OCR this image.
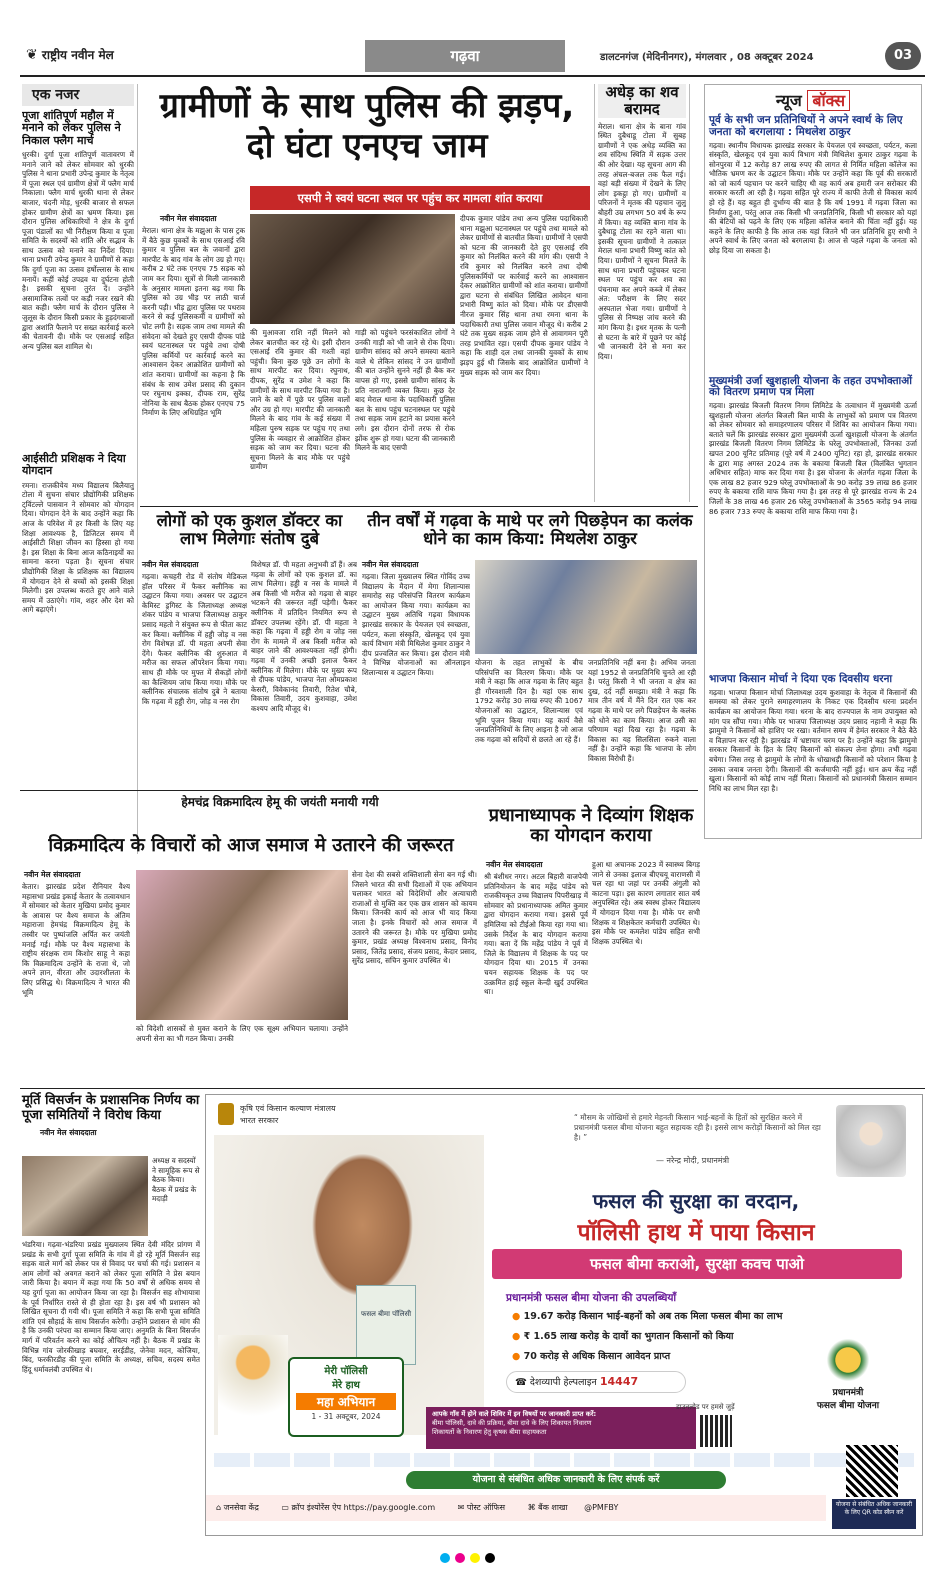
❦ राष्ट्रीय नवीन मेल	गढ़वा	डालटनगंज (मेदिनीनगर), मंगलवार , 08 अक्टूबर 2024	03
एक नजर
पूजा शांतिपूर्ण महौल में मनाने को लेकर पुलिस ने निकाल फ्लैग मार्च
धुरकी। दुर्गा पूजा शांतिपूर्ण वातावरण में मनाने जाने को लेकर सोमवार को धुरकी पुलिस ने थाना प्रभारी उपेन्द्र कुमार के नेतृत्व में पूजा स्थल एवं ग्रामीण क्षेत्रों में फ्लैग मार्च निकाला। फ्लैग मार्च धुरकी थाना से लेकर बाजार, चंदनी मोड़, धुरकी बाजार से सफल होकर ग्रामीण क्षेत्रों का भ्रमण किया। इस दौरान पुलिस अधिकारियों ने क्षेत्र के दुर्गा पूजा पंडालों का भी निरीक्षण किया व पूजा समिति के सदस्यों को शांति और सद्भाव के साथ उत्सव को मनाने का निर्देश दिया। थाना प्रभारी उपेन्द्र कुमार ने ग्रामीणों से कहा कि दुर्गा पूजा का उत्सव हर्षोल्लास के साथ मनायें। कहीं कोई उपद्रव या दुर्घटना होती है। इसकी सूचना तुरंत दें। उन्होंने असामाजिक तत्वों पर कड़ी नजर रखने की बात कही। फ्लैग मार्च के दौरान पुलिस ने जुलूस के दौरान किसी प्रकार के हुड़दंगबाजों द्वारा अशांति फैलाने पर सख्त कार्रवाई करने की चेतावनी दी। मौके पर एसआई सहित अन्य पुलिस बल शामिल थे।
आईसीटी प्रशिक्षक ने दिया योगदान
रमना। राजकीयेय मध्य विद्यालय बिलैयातु टोला में सुचना संचार प्रौद्योगिकी प्रशिक्षक ट्विंटल्ले पासवान ने सोमवार को योगदान दिया। योगदान देने के बाद उन्होंने कहा कि आज के परिवेश में हर किसी के लिए यह शिक्षा आवश्यक है, डिजिटल समय में आईसीटी शिक्षा जीवन का हिस्सा हो गया है। इस शिक्षा के बिना आज कठिनाइयों का सामना करना पड़ता है। सूचना संचार प्रौद्योगिकी शिक्षा के प्रशिक्षक का विद्यालय में योगदान देने से बच्चों को इसकी शिक्षा मिलेगी। इस उपलब्ध कराते हुए आने वाले समय में उठाएंगे। गांव, शहर और देश को आगे बढ़ाएंगे।
ग्रामीणों के साथ पुलिस की झड़प, दो घंटा एनएच जाम
एसपी ने स्वयं घटना स्थल पर पहुंच कर मामला शांत कराया
नवीन मेल संवाददाता
मेराल। थाना क्षेत्र के मझुआ के पास ट्रक में बैठे कुछ युवकों के साथ एसआई रवि कुमार व पुलिस बल के जवानों द्वारा मारपीट के बाद गांव के लोग उग्र हो गए। करीब 2 घंटे तक एनएच 75 सड़क को जाम कर दिया। सूत्रों से मिली जानकारी के अनुसार मामला इतना बढ़ गया कि पुलिस को उग्र भीड़ पर लाठी चार्ज करनी पड़ी। भीड़ द्वारा पुलिस पर पथराव करने से कई पुलिसकर्मी व ग्रामीणों को चोट लगी है। सड़क जाम तथा मामले की संवेदना को देखते हुए एसपी दीपक पांडे स्वयं घटनास्थल पर पहुंचे तथा दोषी पुलिस कर्मियों पर कार्रवाई करने का आश्वासन देकर आक्रोशित ग्रामीणों को शांत कराया। ग्रामीणों का कहना है कि संबंध के साथ उमेश प्रसाद की दुकान पर रघुनाथ इक्का, दीपक राम, सुरेंद्र नोनिया के साथ बैठक होकर एनएच 75 निर्माण के लिए अधिग्रहित भूमि
की मुआवजा राशि नहीं मिलने को लेकर बातचीत कर रहे थे। इसी दौरान एसआई रवि कुमार की गश्ती वहां पहुंची। बिना कुछ पूछे उन लोगों के साथ मारपीट कर दिया। रघुनाथ, दीपक, सुरेंद्र व उमेश ने कहा कि ग्रामीणों के साथ मारपीट किया गया है। जाने के बारे में पूछे पर पुलिस वालों और उग्र हो गए। मारपीट की जानकारी मिलने के बाद गांव के कई संख्या में महिला पुरुष सड़क पर पहुंच गए तथा पुलिस के व्यवहार से आक्रोशित होकर सड़क को जाम कर दिया। घटना की सूचना मिलने के बाद मौके पर पहुंचे ग्रामीण
गाड़ी को पहुंचने फरसंकाशित लोगों ने उनकी गाड़ी को भी जाने से रोक दिया। ग्रामीण सांसद को अपने समस्या बताने वाले थे लेकिन सांसद ने उन ग्रामीणों की बात उन्होंने सुनने नहीं ही बैक कर वापस हो गए, इससे ग्रामीण सांसद के प्रति नाराजगी व्यक्त किया। कुछ देर बाद मेराल थाना के पदाधिकारी पुलिस बल के साथ पहुंच घटनास्थल पर पहुंचे तथा सड़क जाम हटाने का प्रयास करने लगे। इस दौरान दोनों तरफ से रोक झोंक शुरू हो गया। घटना की जानकारी मिलने के बाद एसपी
दीपक कुमार पांडेय तथा अन्य पुलिस पदाधिकारी थाना मझुआ घटनास्थल पर पहुंचे तथा मामले को लेकर ग्रामीणों से बातचीत किया। ग्रामीणों ने एसपी को घटना की जानकारी देते हुए एसआई रवि कुमार को निलंबित करने की मांग की। एसपी ने रवि कुमार को निलंबित करने तथा दोषी पुलिसकर्मियों पर कार्रवाई करने का आश्वासन देकर आक्रोशित ग्रामीणों को शांत कराया। ग्रामीणों द्वारा घटना से संबंधित लिखित आवेदन थाना प्रभारी विष्णु कांत को दिया। मौके पर डीएसपी नीरज कुमार सिंह थाना तथा रमना थाना के पदाधिकारी तथा पुलिस जवान मौजूद थे। करीब 2 घंटे तक मुख्य सड़क जाम होने से आवागमन पूरी तरह प्रभावित रहा। एसपी दीपक कुमार पांडेय ने कहा कि शाही दल तथा जानकी युवकों के साथ झड़प हुई थी जिसके बाद आक्रोशित ग्रामीणों ने मुख्य सड़क को जाम कर दिया।
अधेड़ का शव बरामद
मेराल। थाना क्षेत्र के बाना गांव स्थित दुबैथाडू टोला में सुबह ग्रामीणों ने एक अधेड़ व्यक्ति का शव संदिग्ध स्थिति में सड़क उत्तर की ओर देखा। यह सूचना आग की तरह अंचल-बजल तक फैल गई। वहां बड़ी संख्या में देखने के लिए लोग इकट्ठा हो गए। ग्रामीणों व परिजनों ने मृतक की पहचान जुलु बौहरी उम्र लगभग 50 वर्ष के रूप में किया। वह व्यक्ति बाना गांव के दुबैथाडू टोला का रहने वाला था। इसकी सूचना ग्रामीणों ने तत्काल मेराल थाना प्रभारी विष्णु कांत को दिया। ग्रामीणों ने सूचना मिलते के साथ थाना प्रभारी पहुंचकर घटना स्थल पर पहुंच कर शव का पंचनामा कर अपने कब्जे में लेकर अंत: परीक्षण के लिए सदर अस्पताल भेजा गया। ग्रामीणों ने पुलिस से निष्पक्ष जांच करने की मांग किया है। इधर मृतक के पत्नी से घटना के बारे में पूछने पर कोई भी जानकारी देने से मना कर दिया।
न्यूज बॉक्स
पूर्व के सभी जन प्रतिनिधियों ने अपने स्वार्थ के लिए जनता को बरगलाया : मिथलेश ठाकुर
गढ़वा। स्थानीय विधायक झारखंड सरकार के पेयजल एवं स्वच्छता, पर्यटन, कला संस्कृति, खेलकूद एवं युवा कार्य विभाग मंत्री मिथिलेश कुमार ठाकुर गढ़वा के सोनपुरवा में 12 करोड़ 87 लाख रुपए की लागत से निर्मित महिला कॉलेज का भौतिक भ्रमण कर के उद्घाटन किया। मौके पर उन्होंने कहा कि पूर्व की सरकारों को जो कार्य पहचान पर करने चाहिए थी वह कार्य अब हमारी जन सरोकार की सरकार करती आ रही है। गढ़वा सहित पूरे राज्य में काफी तेजी से विकास कार्य हो रहे हैं। यह बहुत ही दुर्भाग्य की बात है कि वर्ष 1991 में गढ़वा जिला का निर्माण हुआ, परंतु आज तक किसी भी जनप्रतिनिधि, किसी भी सरकार को यहां की बेटियों को पढ़ने के लिए एक महिला कॉलेज बनाने की चिंता नहीं हुई। यह कहने के लिए काफी है कि आज तक यहां जितने भी जन प्रतिनिधि हुए सभी ने अपने स्वार्थ के लिए जनता को बरगलाया है। आज से पहले गढ़वा के जनता को छोड़ दिया जा सकता है।
मुख्यमंत्री उर्जा खुशहाली योजना के तहत उपभोक्ताओं को वितरण प्रमाण पत्र मिला
गढ़वा। झारखंड बिजली वितरण निगम लिमिटेड के तत्वाधान में मुख्यमंत्री ऊर्जा खुशहाली योजना अंतर्गत बिजली बिल माफी के लाभुकों को प्रमाण पत्र वितरण को लेकर सोमवार को समाहरणालय परिसर में शिविर का आयोजन किया गया। बताते चलें कि झारखंड सरकार द्वारा मुख्यमंत्री ऊर्जा खुशहाली योजना के अंतर्गत झारखंड बिजली वितरण निगम लिमिटेड के घरेलू उपभोक्ताओं, जिनका उर्जा खपत 200 यूनिट प्रतिमाह (पूरे वर्ष में 2400 यूनिट) रहा हो, झारखंड सरकार के द्वारा माह अगस्त 2024 तक के बकाया बिजली बिल (विलंबित भुगतान अधिभार सहित) माफ कर दिया गया है। इस योजना के अंतर्गत गढ़वा जिला के एक लाख 82 हजार 929 घरेलू उपभोक्ताओं के 90 करोड़ 39 लाख 86 हजार रुपए के बकाया राशि माफ किया गया है। इस तरह से पूरे झारखंड राज्य के 24 जिलों के 38 लाख 46 हजार 26 घरेलू उपभोक्ताओं के 3565 करोड़ 94 लाख 86 हजार 733 रुपए के बकाया राशि माफ किया गया है।
भाजपा किसान मोर्चा ने दिया एक दिवसीय धरना
गढ़वा। भाजपा किसान मोर्चा जिलाध्यक्ष उदय कुशवाहा के नेतृत्व में किसानों की समस्या को लेकर पुराने समाहरणालय के निकट एक दिवसीय धरना प्रदर्शन कार्यक्रम का आयोजन किया गया। धरना के बाद राज्यपाल के नाम उपायुक्त को मांग पत्र सौंपा गया। मौके पर भाजपा जिलाध्यक्ष उदय प्रसाद नहानी ने कहा कि झामुमो ने किसानों को हाशिए पर रखा। वर्तमान समय में हेमंत सरकार ने बैठे बैठे व विज्ञापन कर रही है। झारखंड में भ्रष्टाचार चरम पर है। उन्होंने कहा कि झामुमो सरकार किसानों के हित के लिए किसानों को संकल्प लेना होगा। तभी गढ़वा बचेगा। जिस तरह से झामुमो के लोगों के धोखाधड़ी किसानों को परेशान किया है उसका जवाब जनता देगी। किसानों की कर्जमाफी नहीं हुई। धान क्रय केंद्र नहीं खुला। किसानों को कोई लाभ नहीं मिला। किसानों को प्रधानमंत्री किसान सम्मान निधि का लाभ मिल रहा है।
लोगों को एक कुशल डॉक्टर का लाभ मिलेगाः संतोष दुबे
नवीन मेल संवाददाता
गढ़वा। कचहरी रोड में संतोष मेडिकल हॉल परिसर में फैकर क्लीनिक का उद्घाटन किया गया। अवसर पर उद्घाटन केमिस्ट ड्रगिस्ट के जिलाध्यक्ष अध्यक्ष शंकर पांडेय व भाजपा जिलाध्यक्ष ठाकुर प्रसाद महतो ने संयुक्त रूप से फीता काट कर किया। क्लीनिक में हड्डी जोड़ व नस रोग विशेषज्ञ डॉ. पी महता अपनी सेवा देंगे। फैकर क्लीनिक की शुरुआत में मरीज का सफल ऑपरेशन किया गया। साथ ही मौके पर मुफ्त में सैकड़ों लोगों का कैल्शियम जांच किया गया। मौके पर क्लीनिक संचालक संतोष दुबे ने बताया कि गढ़वा में हड्डी रोग, जोड़ व नस रोग
विशेषज्ञ डॉ. पी महता अनुभवी डॉ हैं। अब गढ़वा के लोगों को एक कुशल डॉ. का लाभ मिलेगा। हड्डी व नस के मामले में अब किसी भी मरीज को गढ़वा से बाहर भटकने की जरूरत नहीं पड़ेगी। फैकर क्लीनिक में प्रतिदिन नियमित रूप से डॉक्टर उपलब्ध रहेंगे। डॉ. पी महता ने कहा कि गढ़वा में हड्डी रोग व जोड़ नस रोग के मामले में अब किसी मरीज को बाहर जाने की आवश्यकता नहीं होगी। गढ़वा में उनकी अच्छी इलाज फैकर क्लीनिक में मिलेगा। मौके पर मुख्य रूप से दीपक पांडेय, भाजपा नेता ओमप्रकाश केसरी, विवेकानंद तिवारी, रितेश चौबे, विकास तिवारी, उदय कुशवाहा, उमेश कश्यप आदि मौजूद थे।
तीन वर्षों में गढ़वा के माथे पर लगे पिछड़ेपन का कलंक धोने का काम किया: मिथलेश ठाकुर
नवीन मेल संवाददाता
गढ़वा। जिला मुख्यालय स्थित गोविंद उच्च विद्यालय के मैदान में मेगा शिलान्यास समारोह सह परिसंपत्ति वितरण कार्यक्रम का आयोजन किया गया। कार्यक्रम का उद्घाटन मुख्य अतिथि गढ़वा विधायक झारखंड सरकार के पेयजल एवं स्वच्छता, पर्यटन, कला संस्कृति, खेलकूद एवं युवा कार्य विभाग मंत्री मिथिलेश कुमार ठाकुर ने दीप प्रज्वलित कर किया। इस दौरान मंत्री ने विभिन्न योजनाओं का ऑनलाइन शिलान्यास व उद्घाटन किया।
योजना के तहत लाभुकों के बीच परिसंपत्ति का वितरण किया। मौके पर मंत्री ने कहा कि आज गढ़वा के लिए बहुत ही गौरवशाली दिन है। यहां एक साथ 1792 करोड़ 30 लाख रुपए की 1067 योजनाओं का उद्घाटन, शिलान्यास एवं भूमि पूजन किया गया। यह कार्य वैसे जनप्रतिनिधियों के लिए आइना है जो आज तक गढ़वा को सदियों से छलते आ रहे हैं।
जनप्रतिनिधि नहीं बना है। अभिव जनता यहां 1952 से जनप्रतिनिधि चुनते आ रही है। परंतु किसी ने भी जनता व क्षेत्र का दुख, दर्द नहीं समझा। मंत्री ने कहा कि मात्र तीन वर्ष में मैंने दिन रात एक कर गढ़वा के माथे पर लगे पिछड़ेपन के कलंक को धोने का काम किया। आज उसी का परिणाम यहां दिख रहा है। गढ़वा के विकास का यह सिलसिला रुकने वाला नहीं है। उन्होंने कहा कि भाजपा के लोग विकास विरोधी हैं।
हेमचंद्र विक्रमादित्य हेमू की जयंती मनायी गयी
विक्रमादित्य के विचारों को आज समाज मे उतारने की जरूरत
नवीन मेल संवाददाता
केतार। झारखंड प्रदेश रौनियार वैश्य महासभा प्रखंड इकाई केतार के तत्वावधान में सोमवार को केतार मुखिया प्रमोद कुमार के आवास पर वैश्य समाज के अंतिम महाराजा हेमचंद्र विक्रमादित्य हेमू के तस्वीर पर पुष्पांजलि अर्पित कर जयंती मनाई गई। मौके पर वैश्य महासभा के राष्ट्रीय संरक्षक राम किशोर साहू ने कहा कि विक्रमादित्य उन्होंने के राजा थे, जो अपने ज्ञान, वीरता और उदारशीलता के लिए प्रसिद्ध थे। विक्रमादित्य ने भारत की भूमि
को विदेशी शासकों से मुक्त कराने के लिए एक सूक्ष्म अभियान चलाया। उन्होंने अपनी सेना का भी गठन किया। उनकी
सेना देश की सबसे शक्तिशाली सेना बन गई थी। जिसने भारत की सभी दिशाओं में एक अभियान चलाकर भारत को विदेशियों और अत्याचारी राजाओं से मुक्ति कर एक छत्र शासन को कायम किया। जिनकी कार्य को आज भी याद किया जाता है। इनके विचारों को आज समाज में उतारने की जरूरत है। मौके पर मुखिया प्रमोद कुमार, प्रखंड अध्यक्ष विश्वनाथ प्रसाद, विनोद प्रसाद, जितेंद्र प्रसाद, संजय प्रसाद, केदार प्रसाद, सुरेंद्र प्रसाद, सचिन कुमार उपस्थित थे।
प्रधानाध्यापक ने दिव्यांग शिक्षक का योगदान कराया
नवीन मेल संवाददाता
श्री बंशीधर नगर। अटल बिहारी वाजपेयी प्रतिनियोजन के बाद महेंद्र पांडेय को राजकीयकृत उच्च विद्यालय पिपरीखाड़ में सोमवार को प्रधानाध्यापक अमित कुमार द्वारा योगदान कराया गया। इससे पूर्व हमिलिया को टीईओ किया रहा गया था। उसके निर्देश के बाद योगदान कराया गया। बता दें कि महेंद्र पांडेय ने पूर्व में जिले के विद्यालय में शिक्षक के पद पर योगदान दिया था। 2015 में उनका चयन सहायक शिक्षक के पद पर उत्क्रमित हाई स्कूल केन्दी खुर्द उपस्थित था।
हुआ था अचानक 2023 में स्वास्थ्य बिगड़ जाने से उनका इलाज बीएचयू वाराणसी में चल रहा था जहां पर उनकी अंगुली को काटना पड़ा। इस कारण लगातार सात वर्ष अनुपस्थित रहे। अब स्वस्थ होकर विद्यालय में योगदान दिया गया है। मौके पर सभी शिक्षक व शिक्षकेतर कर्मचारी उपस्थित थे। इस मौके पर कमलेश पांडेय सहित सभी शिक्षक उपस्थित थे।
मूर्ति विसर्जन के प्रशासनिक निर्णय का पूजा समितियों ने विरोध किया
नवीन मेल संवाददाता
अध्यक्ष व सदस्यों ने सामूहिक रूप से बैठक किया। बैठक में प्रखंड के मदाड़ी
भंडरिया। गढ़वा-भंडरिया प्रखंड मुख्यालय स्थित देवी मंदिर प्रांगण में प्रखंड के सभी दुर्गा पूजा समिति के गांव में हो रहे मूर्ति विसर्जन सड़ सड़क वाले मार्ग को लेकर पत्र से विवाद पर चर्चा की गई। प्रशासन व आम लोगों को अवगत कराने को लेकर पूजा समिति ने प्रेस बयान जारी किया है। बयान में कहा गया कि 50 वर्षों से अधिक समय से यह दुर्गा पूजा का आयोजन किया जा रहा है। विसर्जन सह शोभायात्रा के पूर्व निर्धारित रास्ते से ही होता रहा है। इस वर्ष भी प्रशासन को लिखित सूचना दी गयी थी। पूजा समिति ने कहा कि सभी पूजा समिति शांति एवं सौहार्द्र के साथ विसर्जन करेगी। उन्होंने प्रशासन से मांग की है कि उनकी परंपरा का सम्मान किया जाए। अनुमति के बिना विसर्जन मार्ग में परिवर्तन करने का कोई औचित्य नहीं है। बैठक में प्रखंड के विभिन्न गांव जोरकीखाड़ बघवार, सरईडीह, जेनेवा मदन, कोजिया, बिंद, फरकीरडीह की पूजा समिति के अध्यक्ष, सचिव, सदस्य समेत हिंदू धर्मावलंबी उपस्थित थे।
कृषि एवं किसान कल्याण मंत्रालय
भारत सरकार	“ मौसम के जोखिमों से हमारे मेहनती किसान भाई-बहनों के हितों को सुरक्षित करने में प्रधानमंत्री फसल बीमा योजना बहुत सहायक रही है। इससे लाभ करोड़ों किसानों को मिल रहा है। ”
— नरेन्द्र मोदी, प्रधानमंत्री
फसल बीमा पॉलिसी
फसल की सुरक्षा का वरदान,
पॉलिसी हाथ में पाया किसान
फसल बीमा कराओ, सुरक्षा कवच पाओ
प्रधानमंत्री फसल बीमा योजना की उपलब्धियाँ
● 19.67 करोड़ किसान भाई-बहनों को अब तक मिला फसल बीमा का लाभ
● ₹ 1.65 लाख करोड़ के दावों का भुगतान किसानों को किया
● 70 करोड़ से अधिक किसान आवेदन प्राप्त
☎ देशव्यापी हेल्पलाइन 14447
मेरी पॉलिसी
मेरे हाथ
महा अभियान
1 - 31 अक्टूबर, 2024
प्रधानमंत्री
फसल बीमा योजना
आपके गाँव में होने वाले शिविर में इन विषयों पर जानकारी प्राप्त करें:
बीमा पॉलिसी, दावे की प्रक्रिया, बीमा दावे के लिए शिकायत निवारण
शिकायतों के निवारण हेतु कृषक बीमा सहायकता
डाउनलोड पर हमसे जुड़ें
योजना से संबंधित अधिक जानकारी के लिए संपर्क करें
⌂ जनसेवा केंद्र	▭ क्रॉप इंश्योरेंस ऐप https://pay.google.com	✉ पोस्ट ऑफिस	⌘ बैंक शाखा @PMFBY	योजना से संबंधित अधिक जानकारी के लिए QR कोड स्कैन करें
